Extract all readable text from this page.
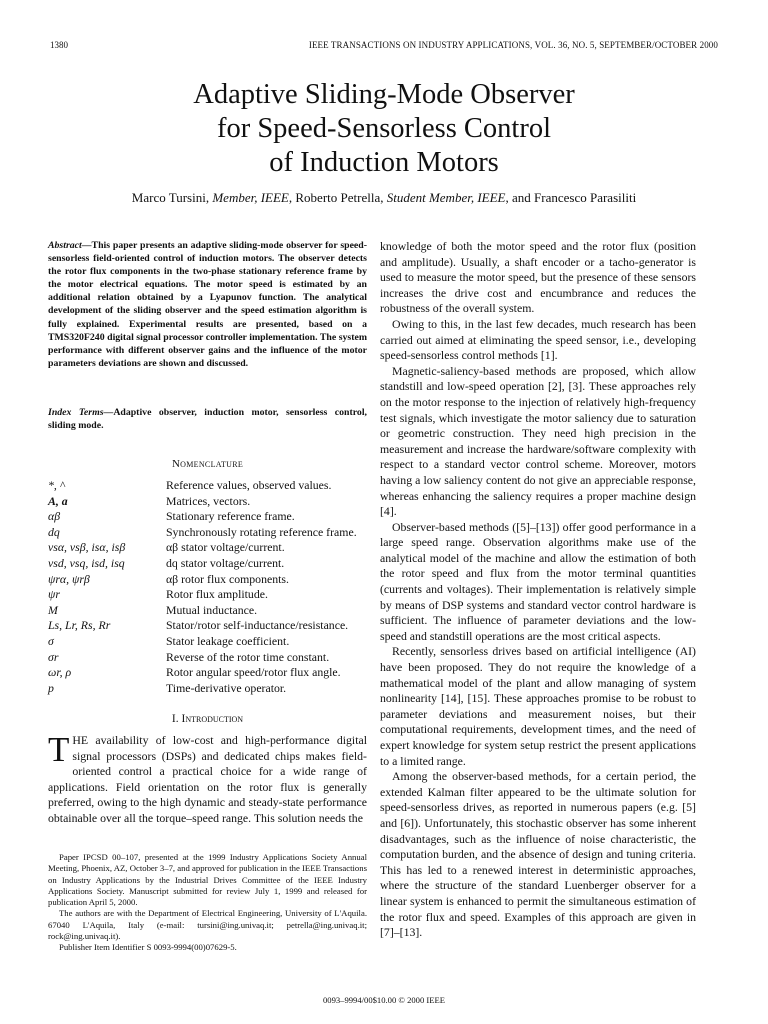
1380	IEEE TRANSACTIONS ON INDUSTRY APPLICATIONS, VOL. 36, NO. 5, SEPTEMBER/OCTOBER 2000
Adaptive Sliding-Mode Observer
for Speed-Sensorless Control
of Induction Motors
Marco Tursini, Member, IEEE, Roberto Petrella, Student Member, IEEE, and Francesco Parasiliti
Abstract—This paper presents an adaptive sliding-mode observer for speed-sensorless field-oriented control of induction motors. The observer detects the rotor flux components in the two-phase stationary reference frame by the motor electrical equations. The motor speed is estimated by an additional relation obtained by a Lyapunov function. The analytical development of the sliding observer and the speed estimation algorithm is fully explained. Experimental results are presented, based on a TMS320F240 digital signal processor controller implementation. The system performance with different observer gains and the influence of the motor parameters deviations are shown and discussed.
Index Terms—Adaptive observer, induction motor, sensorless control, sliding mode.
Nomenclature
*, ^	Reference values, observed values.
A, a	Matrices, vectors.
αβ	Stationary reference frame.
dq	Synchronously rotating reference frame.
vsα, vsβ, isα, isβ	αβ stator voltage/current.
vsd, vsq, isd, isq	dq stator voltage/current.
ψrα, ψrβ	αβ rotor flux components.
ψr	Rotor flux amplitude.
M	Mutual inductance.
Ls, Lr, Rs, Rr	Stator/rotor self-inductance/resistance.
σ	Stator leakage coefficient.
σr	Reverse of the rotor time constant.
ωr, ρ	Rotor angular speed/rotor flux angle.
p	Time-derivative operator.
I. Introduction
THE availability of low-cost and high-performance digital signal processors (DSPs) and dedicated chips makes field-oriented control a practical choice for a wide range of applications. Field orientation on the rotor flux is generally preferred, owing to the high dynamic and steady-state performance obtainable over all the torque–speed range. This solution needs the

Paper IPCSD 00–107, presented at the 1999 Industry Applications Society Annual Meeting, Phoenix, AZ, October 3–7, and approved for publication in the IEEE Transactions on Industry Applications by the Industrial Drives Committee of the IEEE Industry Applications Society. Manuscript submitted for review July 1, 1999 and released for publication April 5, 2000.

The authors are with the Department of Electrical Engineering, University of L'Aquila. 67040 L'Aquila, Italy (e-mail: tursini@ing.univaq.it; petrella@ing.univaq.it; rock@ing.univaq.it).

Publisher Item Identifier S 0093-9994(00)07629-5.

knowledge of both the motor speed and the rotor flux (position and amplitude). Usually, a shaft encoder or a tacho-generator is used to measure the motor speed, but the presence of these sensors increases the drive cost and encumbrance and reduces the robustness of the overall system.

Owing to this, in the last few decades, much research has been carried out aimed at eliminating the speed sensor, i.e., developing speed-sensorless control methods [1].

Magnetic-saliency-based methods are proposed, which allow standstill and low-speed operation [2], [3]. These approaches rely on the motor response to the injection of relatively high-frequency test signals, which investigate the motor saliency due to saturation or geometric construction. They need high precision in the measurement and increase the hardware/software complexity with respect to a standard vector control scheme. Moreover, motors having a low saliency content do not give an appreciable response, whereas enhancing the saliency requires a proper machine design [4].

Observer-based methods ([5]–[13]) offer good performance in a large speed range. Observation algorithms make use of the analytical model of the machine and allow the estimation of both the rotor speed and flux from the motor terminal quantities (currents and voltages). Their implementation is relatively simple by means of DSP systems and standard vector control hardware is sufficient. The influence of parameter deviations and the low-speed and standstill operations are the most critical aspects.

Recently, sensorless drives based on artificial intelligence (AI) have been proposed. They do not require the knowledge of a mathematical model of the plant and allow managing of system nonlinearity [14], [15]. These approaches promise to be robust to parameter deviations and measurement noises, but their computational requirements, development times, and the need of expert knowledge for system setup restrict the present applications to a limited range.

Among the observer-based methods, for a certain period, the extended Kalman filter appeared to be the ultimate solution for speed-sensorless drives, as reported in numerous papers (e.g. [5] and [6]). Unfortunately, this stochastic observer has some inherent disadvantages, such as the influence of noise characteristic, the computation burden, and the absence of design and tuning criteria. This has led to a renewed interest in deterministic approaches, where the structure of the standard Luenberger observer for a linear system is enhanced to permit the simultaneous estimation of the rotor flux and speed. Examples of this approach are given in [7]–[13].

0093–9994/00$10.00 © 2000 IEEE
